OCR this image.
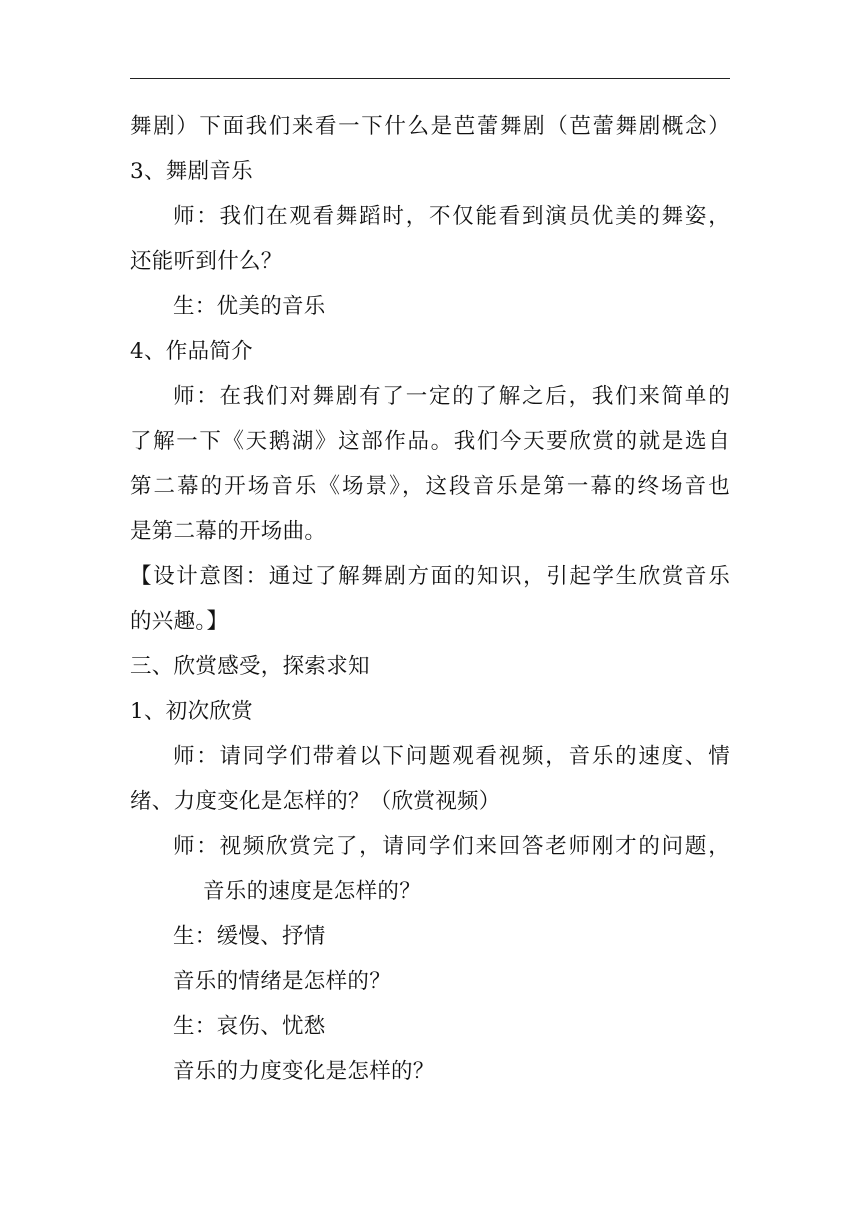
舞剧）下面我们来看一下什么是芭蕾舞剧（芭蕾舞剧概念）
3、舞剧音乐
师：我们在观看舞蹈时，不仅能看到演员优美的舞姿，
还能听到什么？
生：优美的音乐
4、作品简介
师：在我们对舞剧有了一定的了解之后，我们来简单的
了解一下《天鹅湖》这部作品。我们今天要欣赏的就是选自
第二幕的开场音乐《场景》，这段音乐是第一幕的终场音也
是第二幕的开场曲。
【设计意图：通过了解舞剧方面的知识，引起学生欣赏音乐
的兴趣。】
三、欣赏感受，探索求知
1、初次欣赏
师：请同学们带着以下问题观看视频，音乐的速度、情
绪、力度变化是怎样的？（欣赏视频）
师：视频欣赏完了，请同学们来回答老师刚才的问题，
音乐的速度是怎样的？
生：缓慢、抒情
音乐的情绪是怎样的？
生：哀伤、忧愁
音乐的力度变化是怎样的？
